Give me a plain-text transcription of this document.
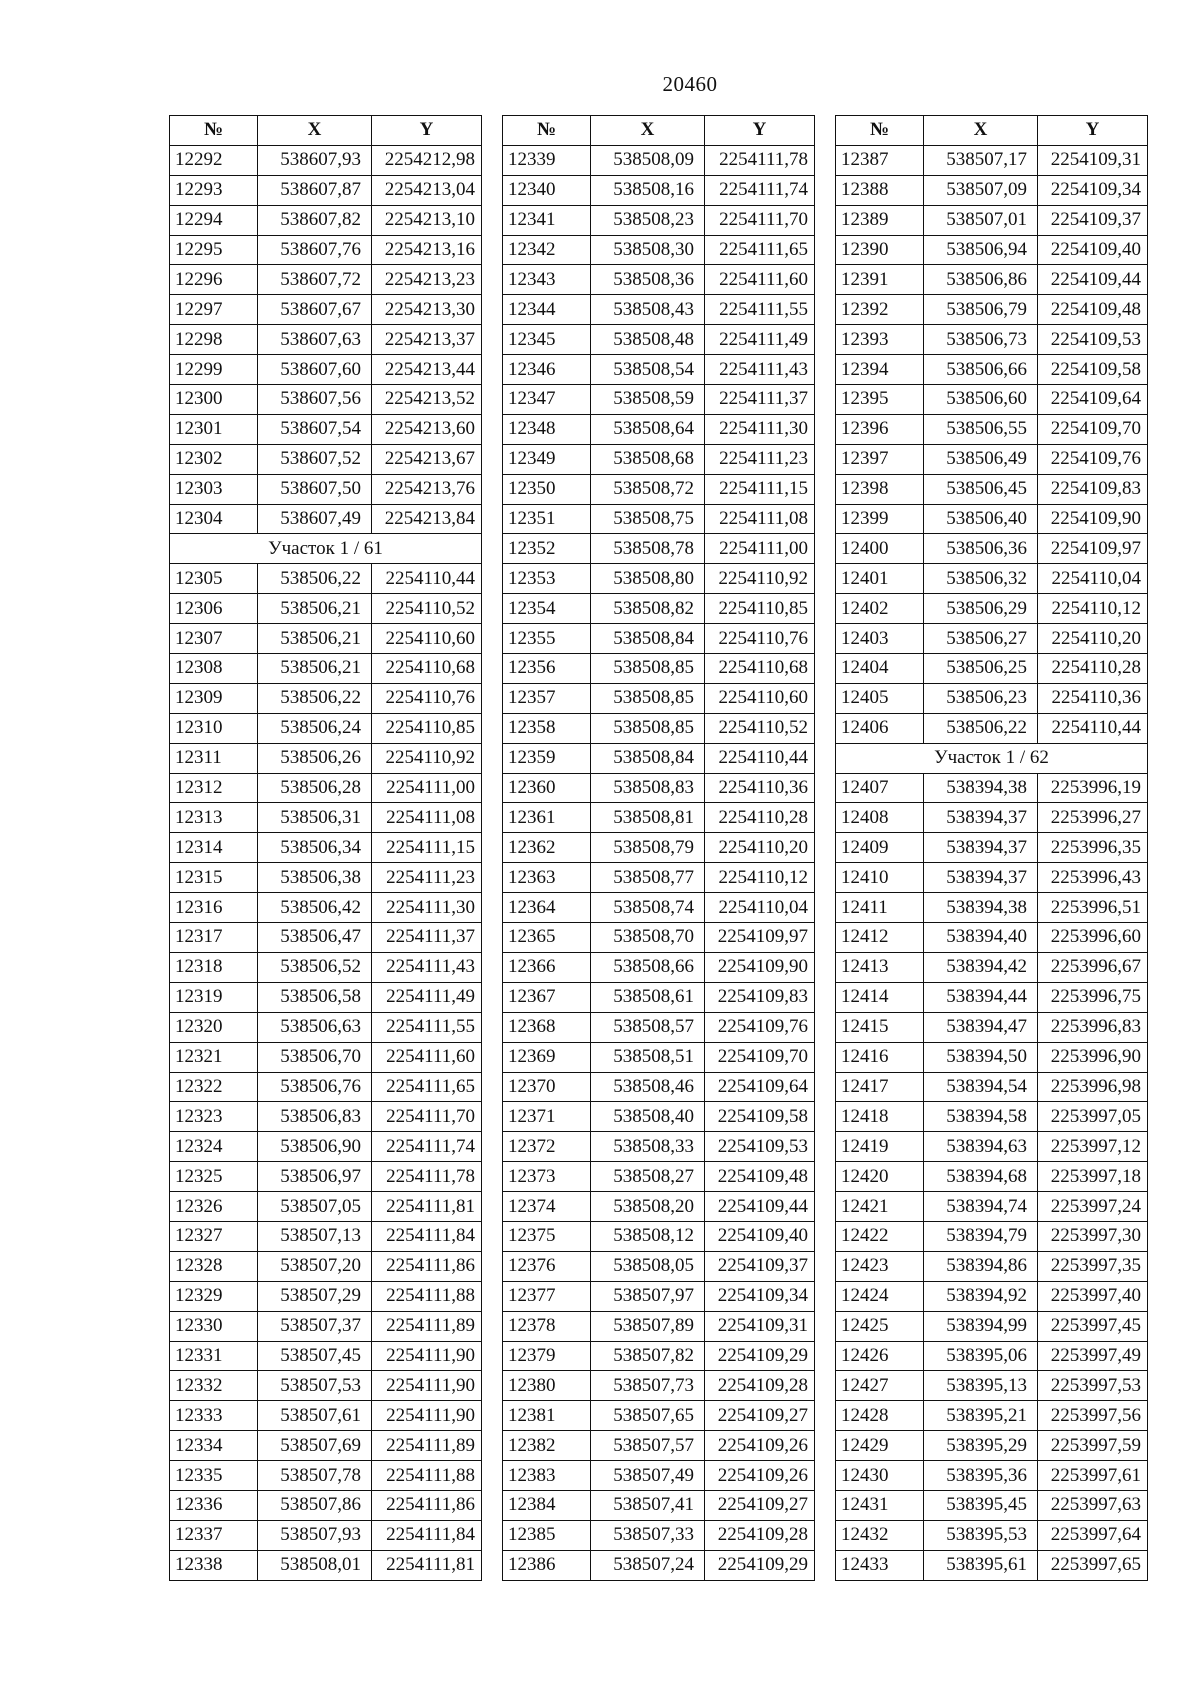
20460
№	X	Y
12292	538607,93	2254212,98
12293	538607,87	2254213,04
12294	538607,82	2254213,10
12295	538607,76	2254213,16
12296	538607,72	2254213,23
12297	538607,67	2254213,30
12298	538607,63	2254213,37
12299	538607,60	2254213,44
12300	538607,56	2254213,52
12301	538607,54	2254213,60
12302	538607,52	2254213,67
12303	538607,50	2254213,76
12304	538607,49	2254213,84
Участок 1 / 61		
12305	538506,22	2254110,44
12306	538506,21	2254110,52
12307	538506,21	2254110,60
12308	538506,21	2254110,68
12309	538506,22	2254110,76
12310	538506,24	2254110,85
12311	538506,26	2254110,92
12312	538506,28	2254111,00
12313	538506,31	2254111,08
12314	538506,34	2254111,15
12315	538506,38	2254111,23
12316	538506,42	2254111,30
12317	538506,47	2254111,37
12318	538506,52	2254111,43
12319	538506,58	2254111,49
12320	538506,63	2254111,55
12321	538506,70	2254111,60
12322	538506,76	2254111,65
12323	538506,83	2254111,70
12324	538506,90	2254111,74
12325	538506,97	2254111,78
12326	538507,05	2254111,81
12327	538507,13	2254111,84
12328	538507,20	2254111,86
12329	538507,29	2254111,88
12330	538507,37	2254111,89
12331	538507,45	2254111,90
12332	538507,53	2254111,90
12333	538507,61	2254111,90
12334	538507,69	2254111,89
12335	538507,78	2254111,88
12336	538507,86	2254111,86
12337	538507,93	2254111,84
12338	538508,01	2254111,81
№	X	Y
12339	538508,09	2254111,78
12340	538508,16	2254111,74
12341	538508,23	2254111,70
12342	538508,30	2254111,65
12343	538508,36	2254111,60
12344	538508,43	2254111,55
12345	538508,48	2254111,49
12346	538508,54	2254111,43
12347	538508,59	2254111,37
12348	538508,64	2254111,30
12349	538508,68	2254111,23
12350	538508,72	2254111,15
12351	538508,75	2254111,08
12352	538508,78	2254111,00
12353	538508,80	2254110,92
12354	538508,82	2254110,85
12355	538508,84	2254110,76
12356	538508,85	2254110,68
12357	538508,85	2254110,60
12358	538508,85	2254110,52
12359	538508,84	2254110,44
12360	538508,83	2254110,36
12361	538508,81	2254110,28
12362	538508,79	2254110,20
12363	538508,77	2254110,12
12364	538508,74	2254110,04
12365	538508,70	2254109,97
12366	538508,66	2254109,90
12367	538508,61	2254109,83
12368	538508,57	2254109,76
12369	538508,51	2254109,70
12370	538508,46	2254109,64
12371	538508,40	2254109,58
12372	538508,33	2254109,53
12373	538508,27	2254109,48
12374	538508,20	2254109,44
12375	538508,12	2254109,40
12376	538508,05	2254109,37
12377	538507,97	2254109,34
12378	538507,89	2254109,31
12379	538507,82	2254109,29
12380	538507,73	2254109,28
12381	538507,65	2254109,27
12382	538507,57	2254109,26
12383	538507,49	2254109,26
12384	538507,41	2254109,27
12385	538507,33	2254109,28
12386	538507,24	2254109,29
№	X	Y
12387	538507,17	2254109,31
12388	538507,09	2254109,34
12389	538507,01	2254109,37
12390	538506,94	2254109,40
12391	538506,86	2254109,44
12392	538506,79	2254109,48
12393	538506,73	2254109,53
12394	538506,66	2254109,58
12395	538506,60	2254109,64
12396	538506,55	2254109,70
12397	538506,49	2254109,76
12398	538506,45	2254109,83
12399	538506,40	2254109,90
12400	538506,36	2254109,97
12401	538506,32	2254110,04
12402	538506,29	2254110,12
12403	538506,27	2254110,20
12404	538506,25	2254110,28
12405	538506,23	2254110,36
12406	538506,22	2254110,44
Участок 1 / 62		
12407	538394,38	2253996,19
12408	538394,37	2253996,27
12409	538394,37	2253996,35
12410	538394,37	2253996,43
12411	538394,38	2253996,51
12412	538394,40	2253996,60
12413	538394,42	2253996,67
12414	538394,44	2253996,75
12415	538394,47	2253996,83
12416	538394,50	2253996,90
12417	538394,54	2253996,98
12418	538394,58	2253997,05
12419	538394,63	2253997,12
12420	538394,68	2253997,18
12421	538394,74	2253997,24
12422	538394,79	2253997,30
12423	538394,86	2253997,35
12424	538394,92	2253997,40
12425	538394,99	2253997,45
12426	538395,06	2253997,49
12427	538395,13	2253997,53
12428	538395,21	2253997,56
12429	538395,29	2253997,59
12430	538395,36	2253997,61
12431	538395,45	2253997,63
12432	538395,53	2253997,64
12433	538395,61	2253997,65
